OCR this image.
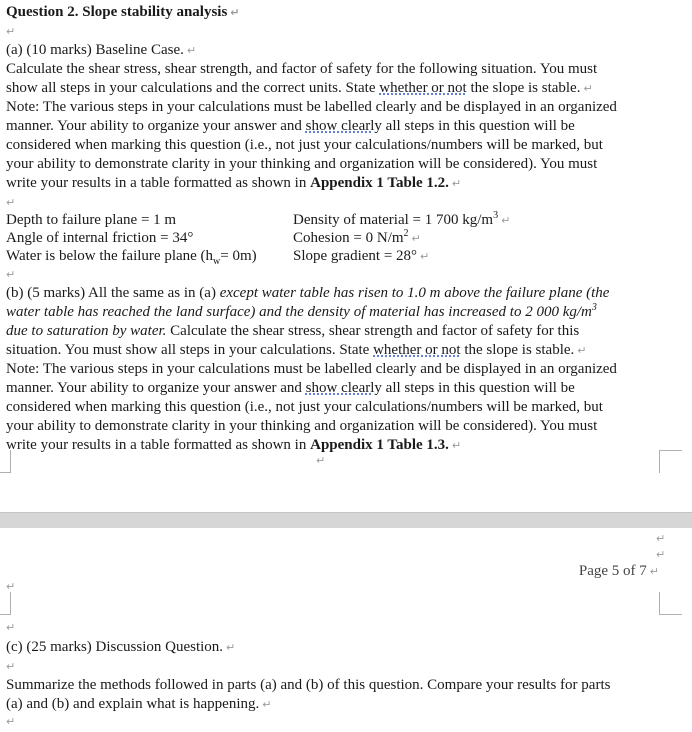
Question 2. Slope stability analysis ↵
↵
(a) (10 marks) Baseline Case. ↵
Calculate the shear stress, shear strength, and factor of safety for the following situation. You must
show all steps in your calculations and the correct units. State whether or not the slope is stable. ↵
Note: The various steps in your calculations must be labelled clearly and be displayed in an organized
manner. Your ability to organize your answer and show clearly all steps in this question will be
considered when marking this question (i.e., not just your calculations/numbers will be marked, but
your ability to demonstrate clarity in your thinking and organization will be considered). You must
write your results in a table formatted as shown in Appendix 1 Table 1.2. ↵
↵
Depth to failure plane = 1 m	Density of material = 1 700 $kg/m^3$ ↵
Angle of internal friction = 34°	Cohesion = 0 $N/m^2$ ↵
Water is below the failure plane $(h_w= 0m)$ Slope gradient = 28° ↵
↵
(b) (5 marks) All the same as in (a) except water table has risen to 1.0 m above the failure plane (the
water table has reached the land surface) and the density of material has increased to 2 000 $kg/m^3$
due to saturation by water. Calculate the shear stress, shear strength and factor of safety for this
situation. You must show all steps in your calculations. State whether or not the slope is stable. ↵
Note: The various steps in your calculations must be labelled clearly and be displayed in an organized
manner. Your ability to organize your answer and show clearly all steps in this question will be
considered when marking this question (i.e., not just your calculations/numbers will be marked, but
your ability to demonstrate clarity in your thinking and organization will be considered). You must
write your results in a table formatted as shown in Appendix 1 Table 1.3. ↵
↵
↵
↵
Page 5 of 7 ↵
↵
↵
(c) (25 marks) Discussion Question. ↵
↵
Summarize the methods followed in parts (a) and (b) of this question. Compare your results for parts
(a) and (b) and explain what is happening. ↵
↵
